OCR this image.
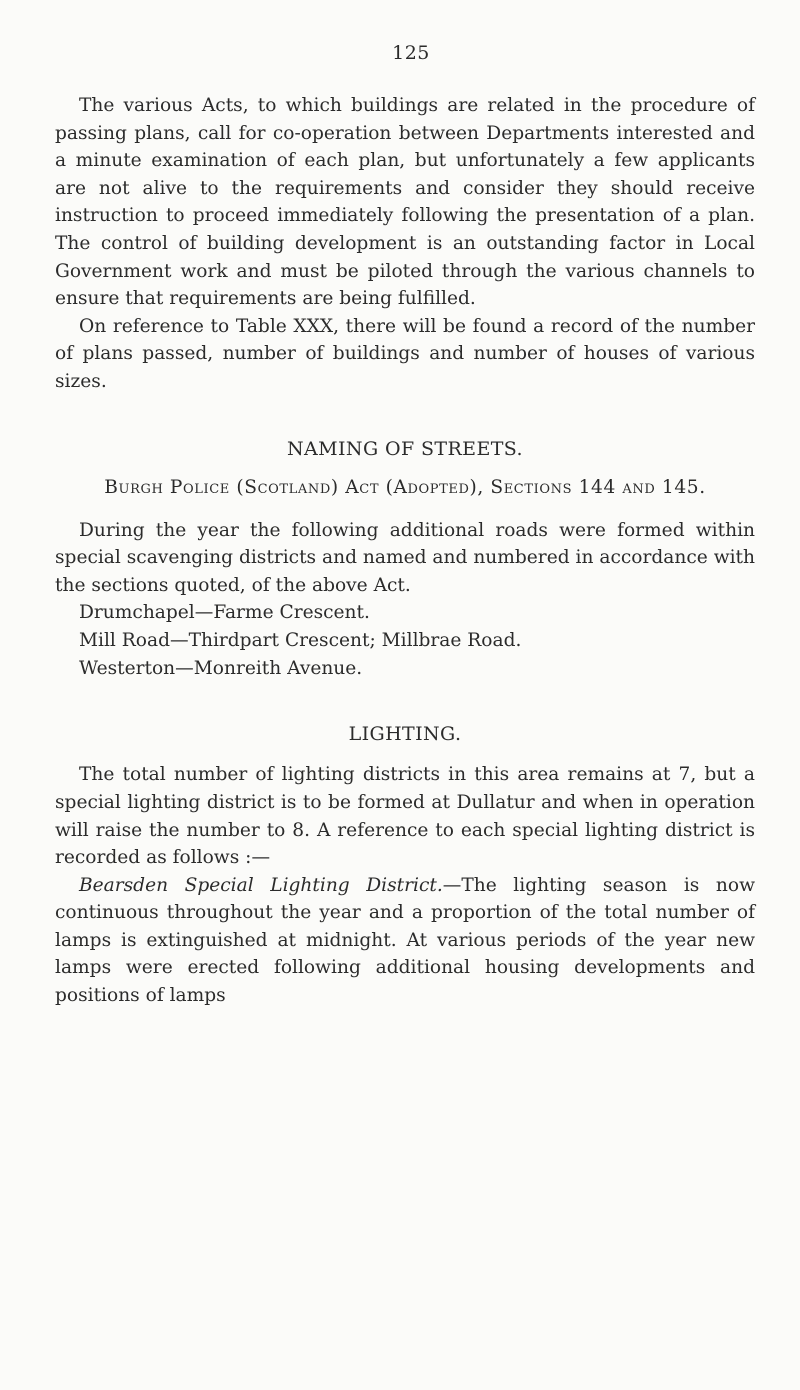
125

The various Acts, to which buildings are related in the procedure of passing plans, call for co-operation between Departments interested and a minute examination of each plan, but unfortunately a few applicants are not alive to the requirements and consider they should receive instruction to proceed immediately following the presentation of a plan. The control of building development is an outstanding factor in Local Government work and must be piloted through the various channels to ensure that requirements are being fulfilled.

On reference to Table XXX, there will be found a record of the number of plans passed, number of buildings and number of houses of various sizes.

NAMING OF STREETS.
Burgh Police (Scotland) Act (Adopted), Sections 144 and 145.

During the year the following additional roads were formed within special scavenging districts and named and numbered in accordance with the sections quoted, of the above Act.

Drumchapel—Farme Crescent.
Mill Road—Thirdpart Crescent; Millbrae Road.
Westerton—Monreith Avenue.
LIGHTING.

The total number of lighting districts in this area remains at 7, but a special lighting district is to be formed at Dullatur and when in operation will raise the number to 8. A reference to each special lighting district is recorded as follows :—

Bearsden Special Lighting District.—The lighting season is now continuous throughout the year and a proportion of the total number of lamps is extinguished at midnight. At various periods of the year new lamps were erected following additional housing developments and positions of lamps
